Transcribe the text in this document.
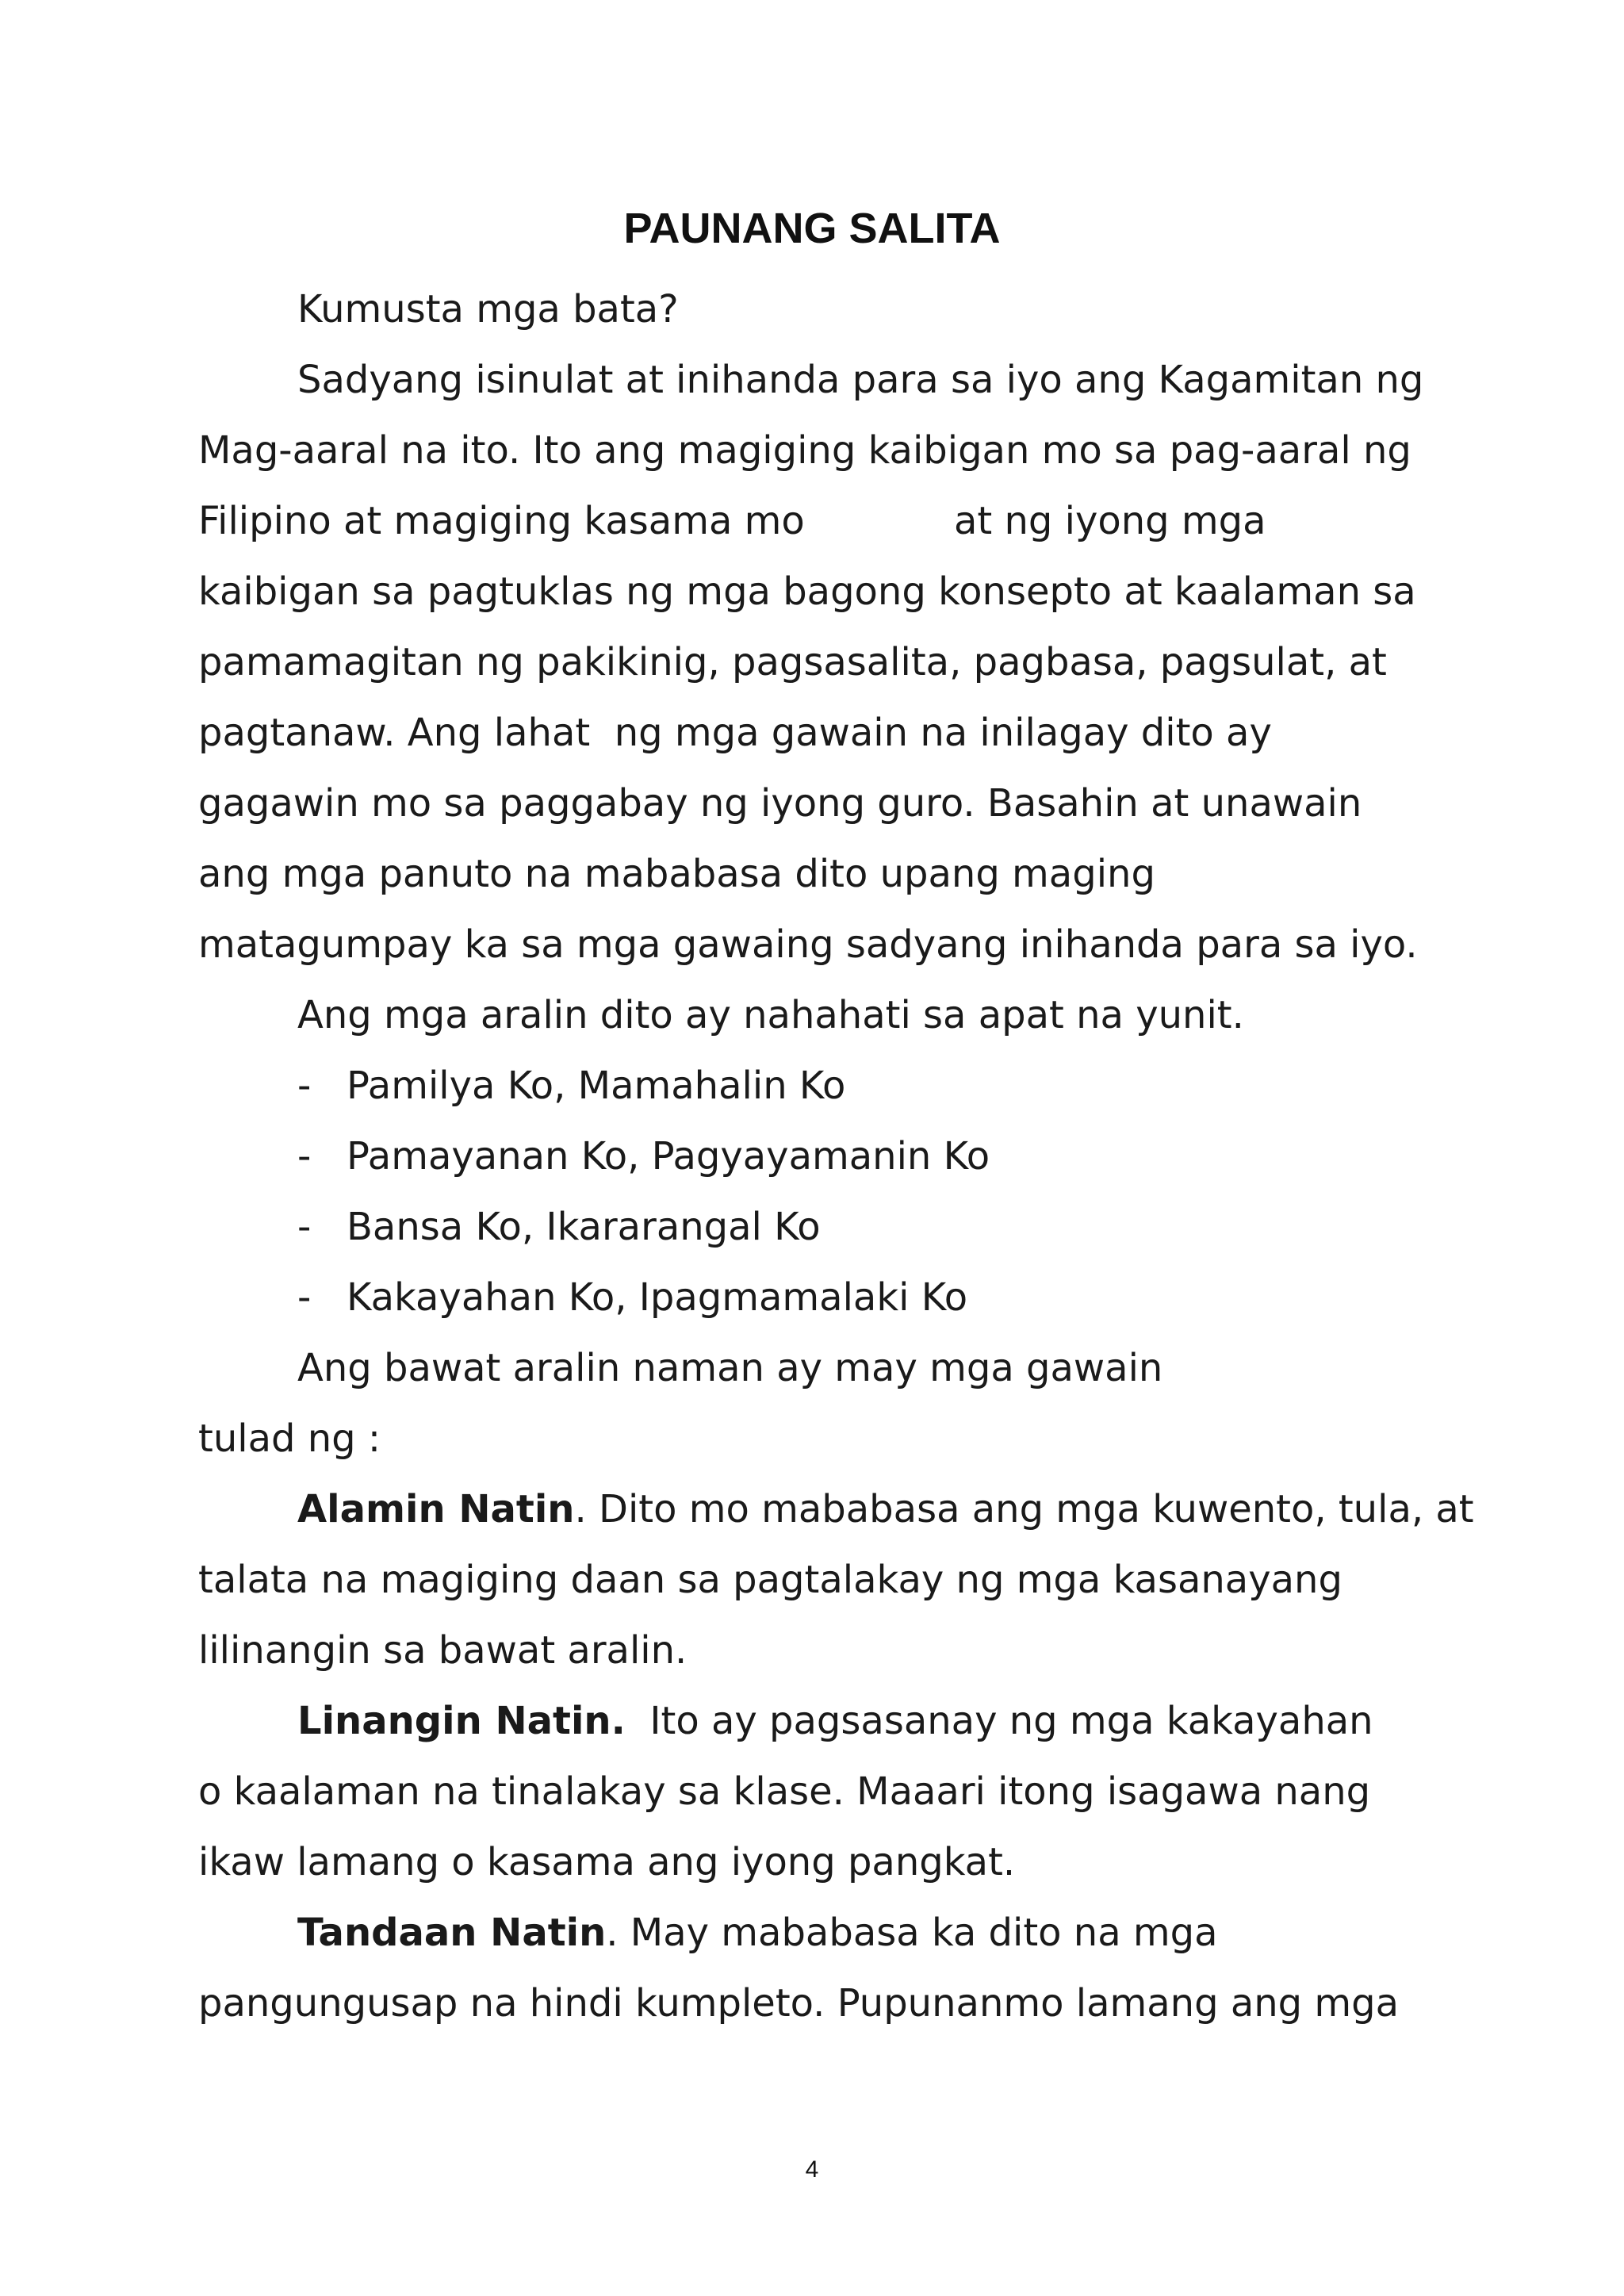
PAUNANG SALITA
Kumusta mga bata?
Sadyang isinulat at inihanda para sa iyo ang Kagamitan ng
Mag-aaral na ito. Ito ang magiging kaibigan mo sa pag-aaral ng
Filipino at magiging kasama mo	at ng iyong mga
kaibigan sa pagtuklas ng mga bagong konsepto at kaalaman sa
pamamagitan ng pakikinig, pagsasalita, pagbasa, pagsulat, at
pagtanaw. Ang lahat  ng mga gawain na inilagay dito ay
gagawin mo sa paggabay ng iyong guro. Basahin at unawain
ang mga panuto na mababasa dito upang maging
matagumpay ka sa mga gawaing sadyang inihanda para sa iyo.
Ang mga aralin dito ay nahahati sa apat na yunit.
- Pamilya Ko, Mamahalin Ko
- Pamayanan Ko, Pagyayamanin Ko
- Bansa Ko, Ikararangal Ko
- Kakayahan Ko, Ipagmamalaki Ko
Ang bawat aralin naman ay may mga gawain
tulad ng :
Alamin Natin. Dito mo mababasa ang mga kuwento, tula, at
talata na magiging daan sa pagtalakay ng mga kasanayang
lilinangin sa bawat aralin.
Linangin Natin.  Ito ay pagsasanay ng mga kakayahan
o kaalaman na tinalakay sa klase. Maaari itong isagawa nang
ikaw lamang o kasama ang iyong pangkat.
Tandaan Natin. May mababasa ka dito na mga
pangungusap na hindi kumpleto. Pupunanmo lamang ang mga
4
